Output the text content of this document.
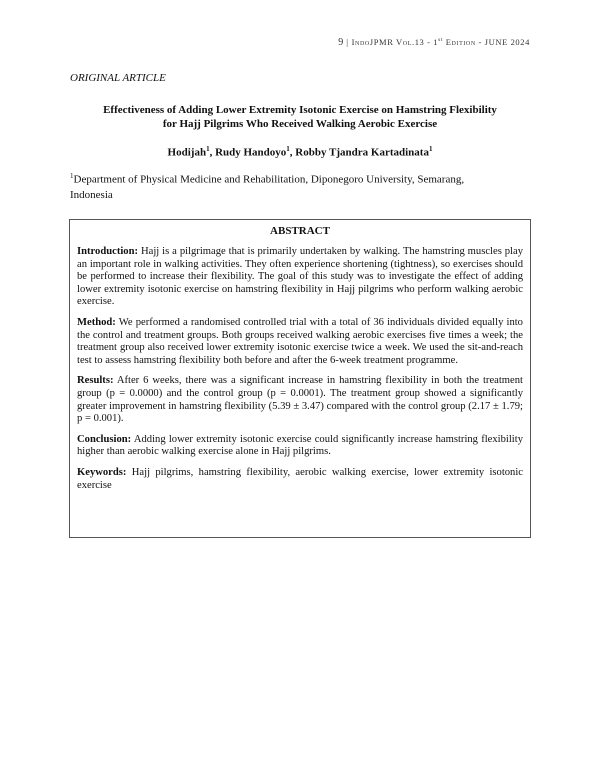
9 | IndoJPMR Vol.13 - 1st Edition - JUNE 2024
ORIGINAL ARTICLE
Effectiveness of Adding Lower Extremity Isotonic Exercise on Hamstring Flexibility
for Hajj Pilgrims Who Received Walking Aerobic Exercise
Hodijah$^1$, Rudy Handoyo$^1$, Robby Tjandra Kartadinata$^1$
$^1$Department of Physical Medicine and Rehabilitation, Diponegoro University, Semarang,
Indonesia
ABSTRACT

Introduction: Hajj is a pilgrimage that is primarily undertaken by walking. The hamstring muscles play an important role in walking activities. They often experience shortening (tightness), so exercises should be performed to increase their flexibility. The goal of this study was to investigate the effect of adding lower extremity isotonic exercise on hamstring flexibility in Hajj pilgrims who perform walking aerobic exercise.

Method: We performed a randomised controlled trial with a total of 36 individuals divided equally into the control and treatment groups. Both groups received walking aerobic exercises five times a week; the treatment group also received lower extremity isotonic exercise twice a week. We used the sit-and-reach test to assess hamstring flexibility both before and after the 6-week treatment programme.

Results: After 6 weeks, there was a significant increase in hamstring flexibility in both the treatment group (p = 0.0000) and the control group (p = 0.0001). The treatment group showed a significantly greater improvement in hamstring flexibility (5.39 ± 3.47) compared with the control group (2.17 ± 1.79; p = 0.001).

Conclusion: Adding lower extremity isotonic exercise could significantly increase hamstring flexibility higher than aerobic walking exercise alone in Hajj pilgrims.

Keywords: Hajj pilgrims, hamstring flexibility, aerobic walking exercise, lower extremity isotonic exercise
